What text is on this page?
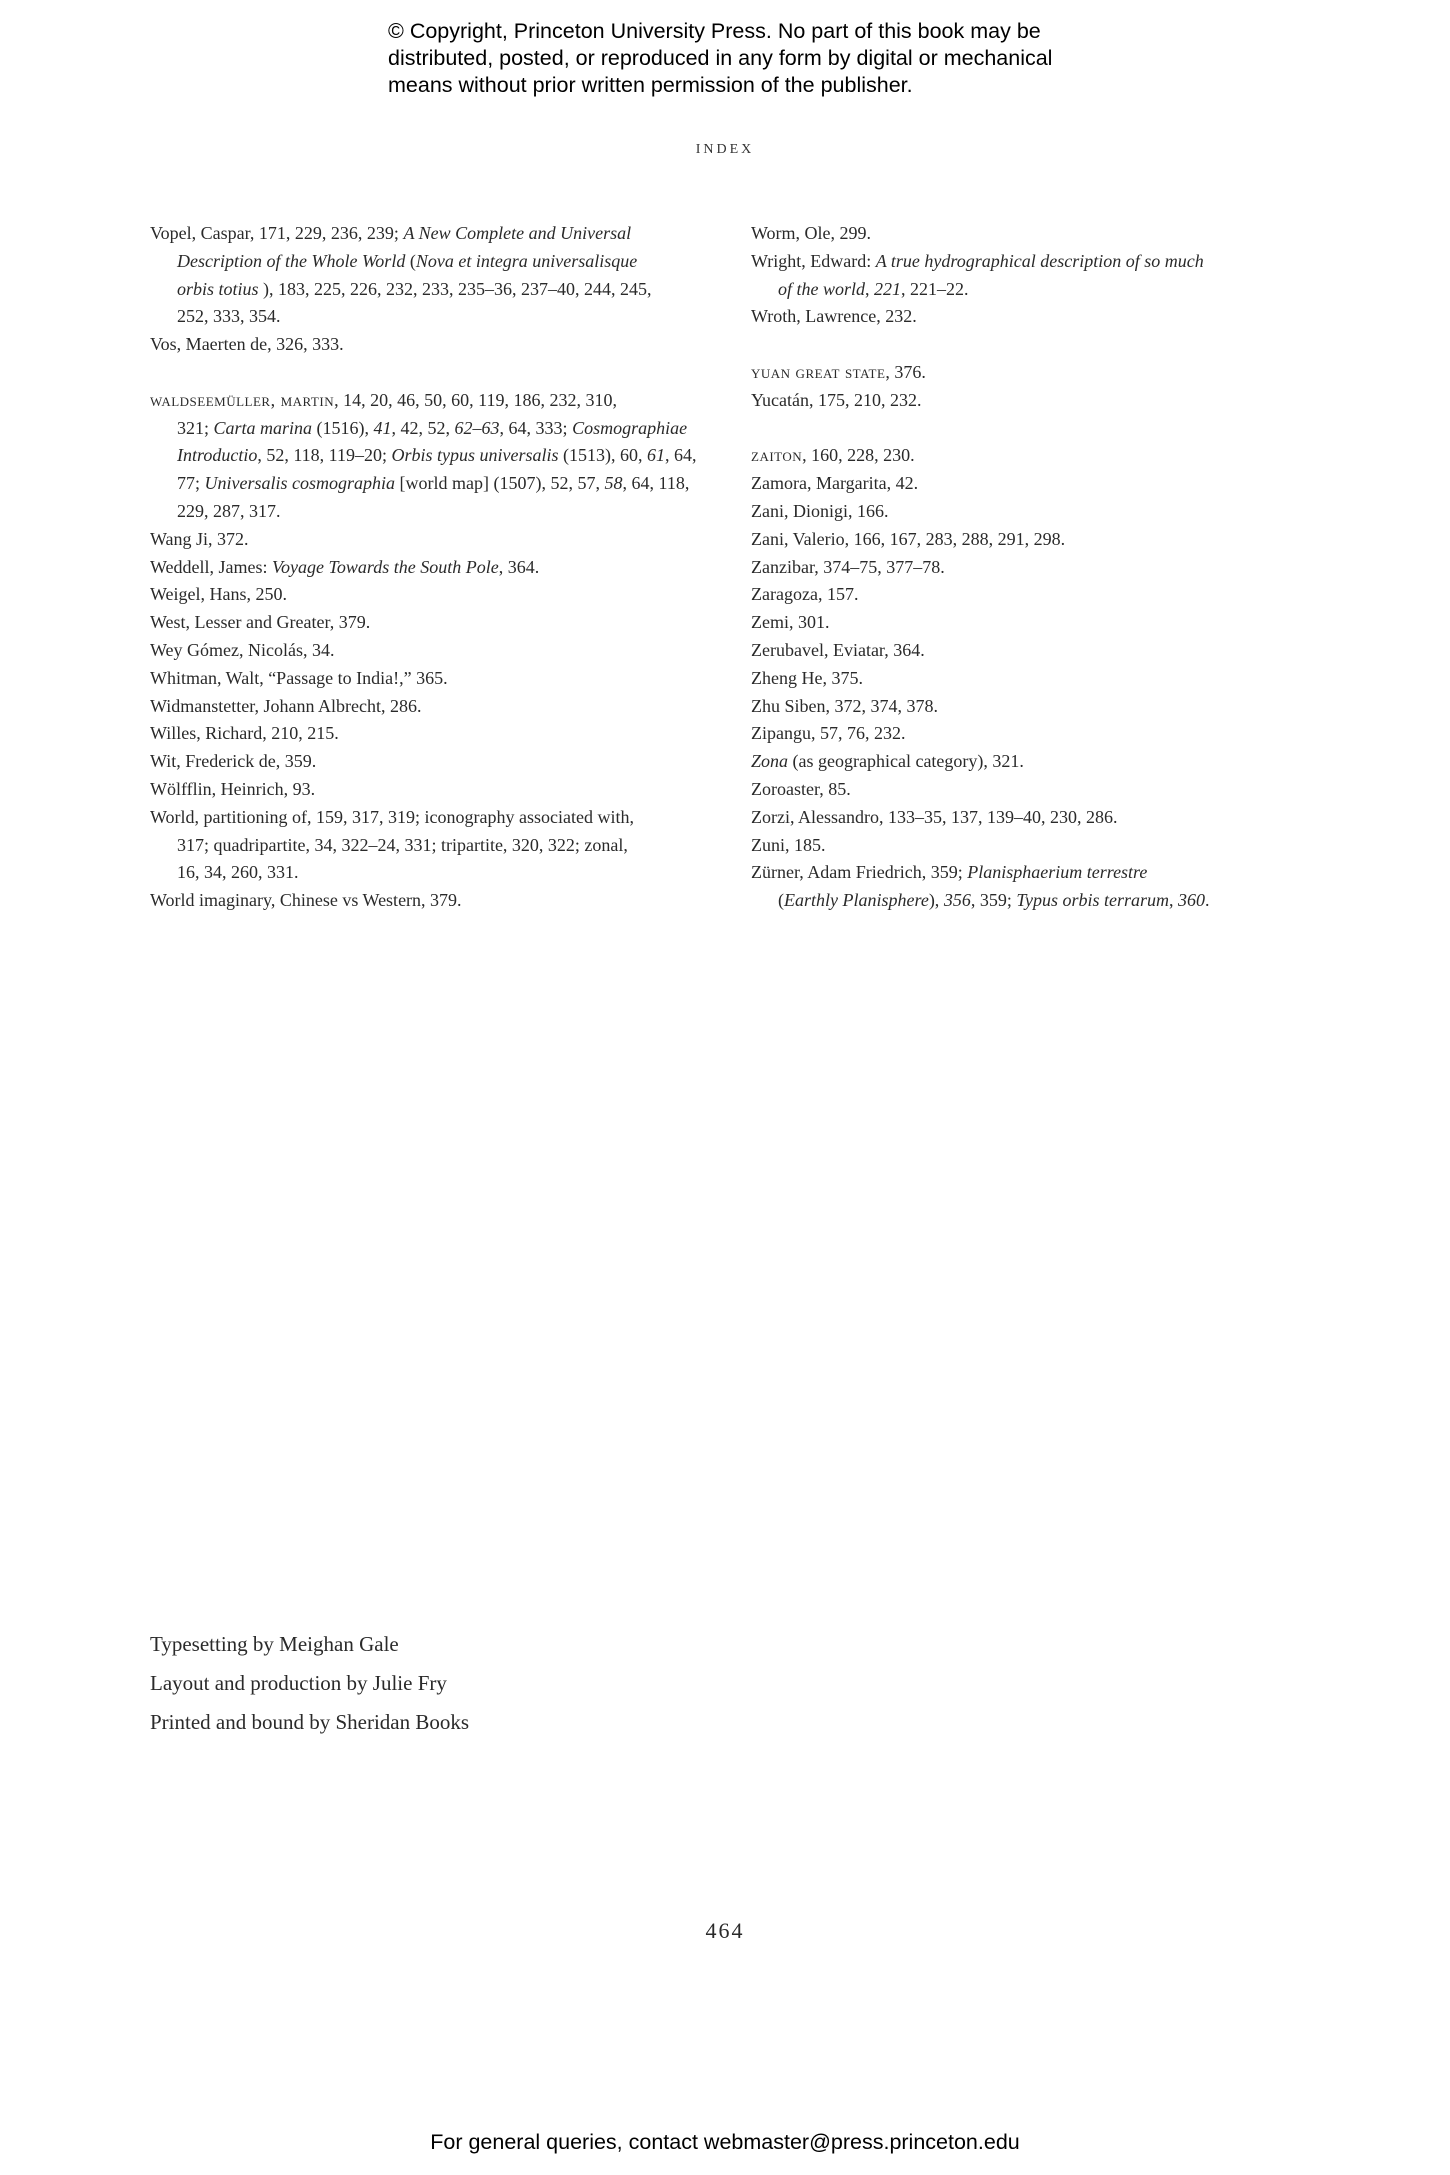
© Copyright, Princeton University Press. No part of this book may be distributed, posted, or reproduced in any form by digital or mechanical means without prior written permission of the publisher.
INDEX
Vopel, Caspar, 171, 229, 236, 239; A New Complete and Universal
Description of the Whole World (Nova et integra universalisque
orbis totius ), 183, 225, 226, 232, 233, 235–36, 237–40, 244, 245,
252, 333, 354.
Vos, Maerten de, 326, 333.
waldseemüller, martin, 14, 20, 46, 50, 60, 119, 186, 232, 310,
321; Carta marina (1516), 41, 42, 52, 62–63, 64, 333; Cosmographiae
Introductio, 52, 118, 119–20; Orbis typus universalis (1513), 60, 61, 64,
77; Universalis cosmographia [world map] (1507), 52, 57, 58, 64, 118,
229, 287, 317.
Wang Ji, 372.
Weddell, James: Voyage Towards the South Pole, 364.
Weigel, Hans, 250.
West, Lesser and Greater, 379.
Wey Gómez, Nicolás, 34.
Whitman, Walt, “Passage to India!,” 365.
Widmanstetter, Johann Albrecht, 286.
Willes, Richard, 210, 215.
Wit, Frederick de, 359.
Wölfflin, Heinrich, 93.
World, partitioning of, 159, 317, 319; iconography associated with,
317; quadripartite, 34, 322–24, 331; tripartite, 320, 322; zonal,
16, 34, 260, 331.
World imaginary, Chinese vs Western, 379.
Worm, Ole, 299.
Wright, Edward: A true hydrographical description of so much
of the world, 221, 221–22.
Wroth, Lawrence, 232.
yuan great state, 376.
Yucatán, 175, 210, 232.
zaiton, 160, 228, 230.
Zamora, Margarita, 42.
Zani, Dionigi, 166.
Zani, Valerio, 166, 167, 283, 288, 291, 298.
Zanzibar, 374–75, 377–78.
Zaragoza, 157.
Zemi, 301.
Zerubavel, Eviatar, 364.
Zheng He, 375.
Zhu Siben, 372, 374, 378.
Zipangu, 57, 76, 232.
Zona (as geographical category), 321.
Zoroaster, 85.
Zorzi, Alessandro, 133–35, 137, 139–40, 230, 286.
Zuni, 185.
Zürner, Adam Friedrich, 359; Planisphaerium terrestre
(Earthly Planisphere), 356, 359; Typus orbis terrarum, 360.
Typesetting by Meighan Gale
Layout and production by Julie Fry
Printed and bound by Sheridan Books
464
For general queries, contact webmaster@press.princeton.edu
